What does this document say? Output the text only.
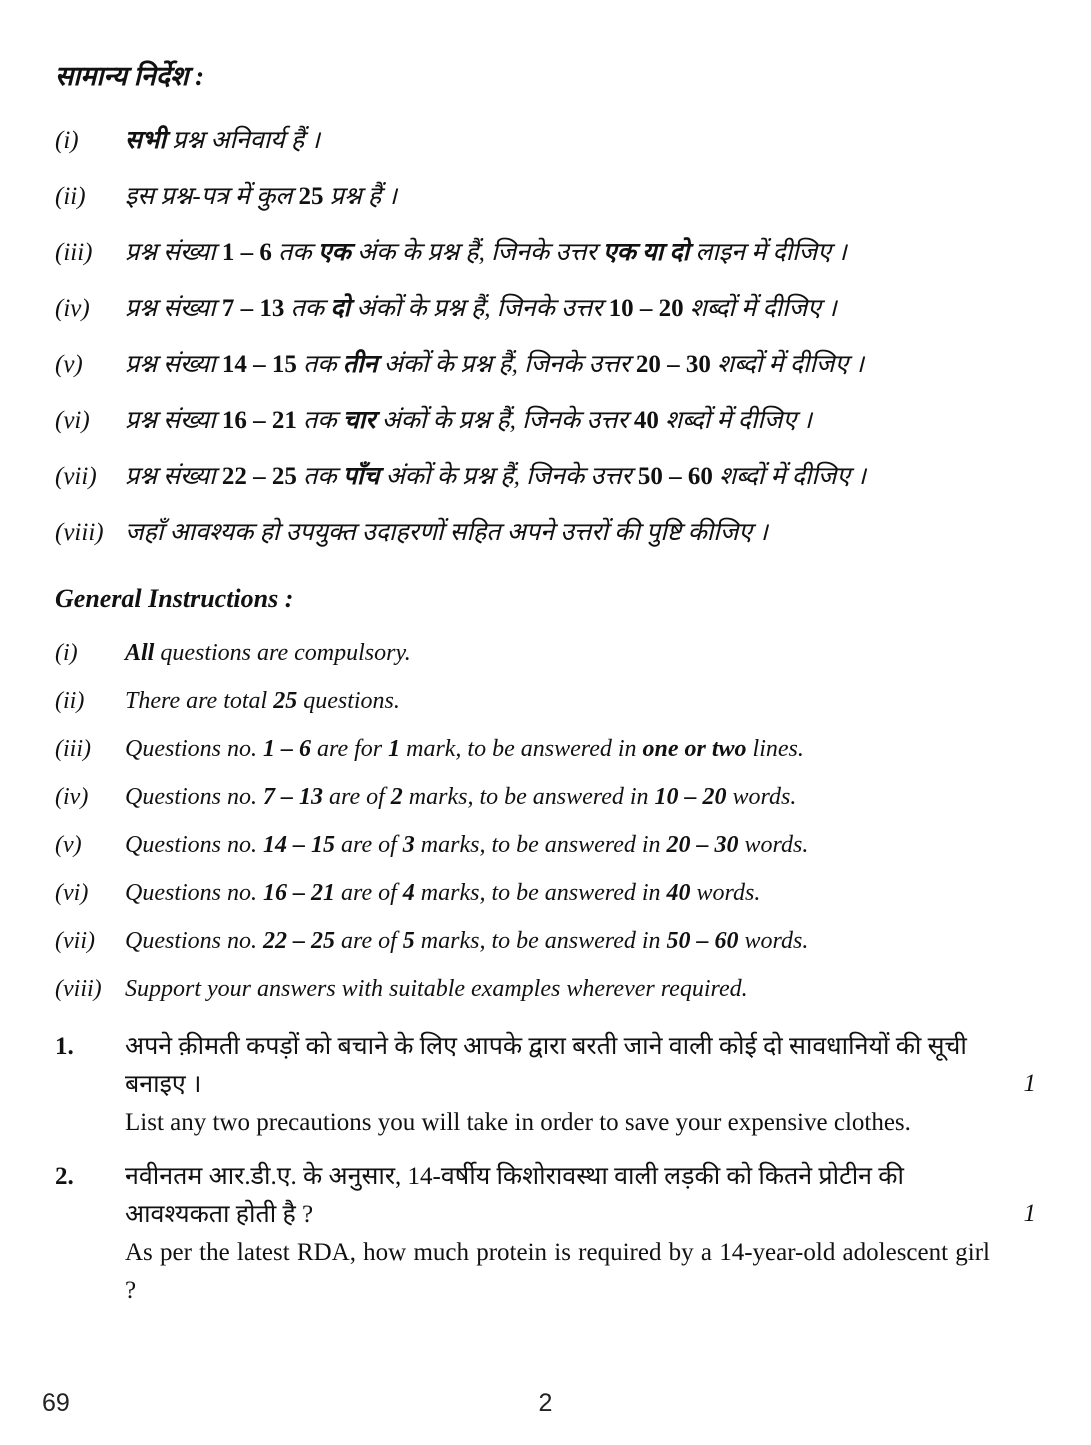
सामान्य निर्देश :
(i)	सभी प्रश्न अनिवार्य हैं ।
(ii)	इस प्रश्न-पत्र में कुल 25 प्रश्न हैं ।
(iii)	प्रश्न संख्या 1 – 6 तक एक अंक के प्रश्न हैं, जिनके उत्तर एक या दो लाइन में दीजिए ।
(iv)	प्रश्न संख्या 7 – 13 तक दो अंकों के प्रश्न हैं, जिनके उत्तर 10 – 20 शब्दों में दीजिए ।
(v)	प्रश्न संख्या 14 – 15 तक तीन अंकों के प्रश्न हैं, जिनके उत्तर 20 – 30 शब्दों में दीजिए ।
(vi)	प्रश्न संख्या 16 – 21 तक चार अंकों के प्रश्न हैं, जिनके उत्तर 40 शब्दों में दीजिए ।
(vii)	प्रश्न संख्या 22 – 25 तक पाँच अंकों के प्रश्न हैं, जिनके उत्तर 50 – 60 शब्दों में दीजिए ।
(viii) जहाँ आवश्यक हो उपयुक्त उदाहरणों सहित अपने उत्तरों की पुष्टि कीजिए ।
General Instructions :
(i)	All questions are compulsory.
(ii)	There are total 25 questions.
(iii)	Questions no. 1 – 6 are for 1 mark, to be answered in one or two lines.
(iv)	Questions no. 7 – 13 are of 2 marks, to be answered in 10 – 20 words.
(v)	Questions no. 14 – 15 are of 3 marks, to be answered in 20 – 30 words.
(vi)	Questions no. 16 – 21 are of 4 marks, to be answered in 40 words.
(vii)	Questions no. 22 – 25 are of 5 marks, to be answered in 50 – 60 words.
(viii) Support your answers with suitable examples wherever required.
1.	अपने क़ीमती कपड़ों को बचाने के लिए आपके द्वारा बरती जाने वाली कोई दो सावधानियों की सूची बनाइए ।	1
List any two precautions you will take in order to save your expensive clothes.
2.	नवीनतम आर.डी.ए. के अनुसार, 14-वर्षीय किशोरावस्था वाली लड़की को कितने प्रोटीन की आवश्यकता होती है ?	1
As per the latest RDA, how much protein is required by a 14-year-old adolescent girl ?
69	2
